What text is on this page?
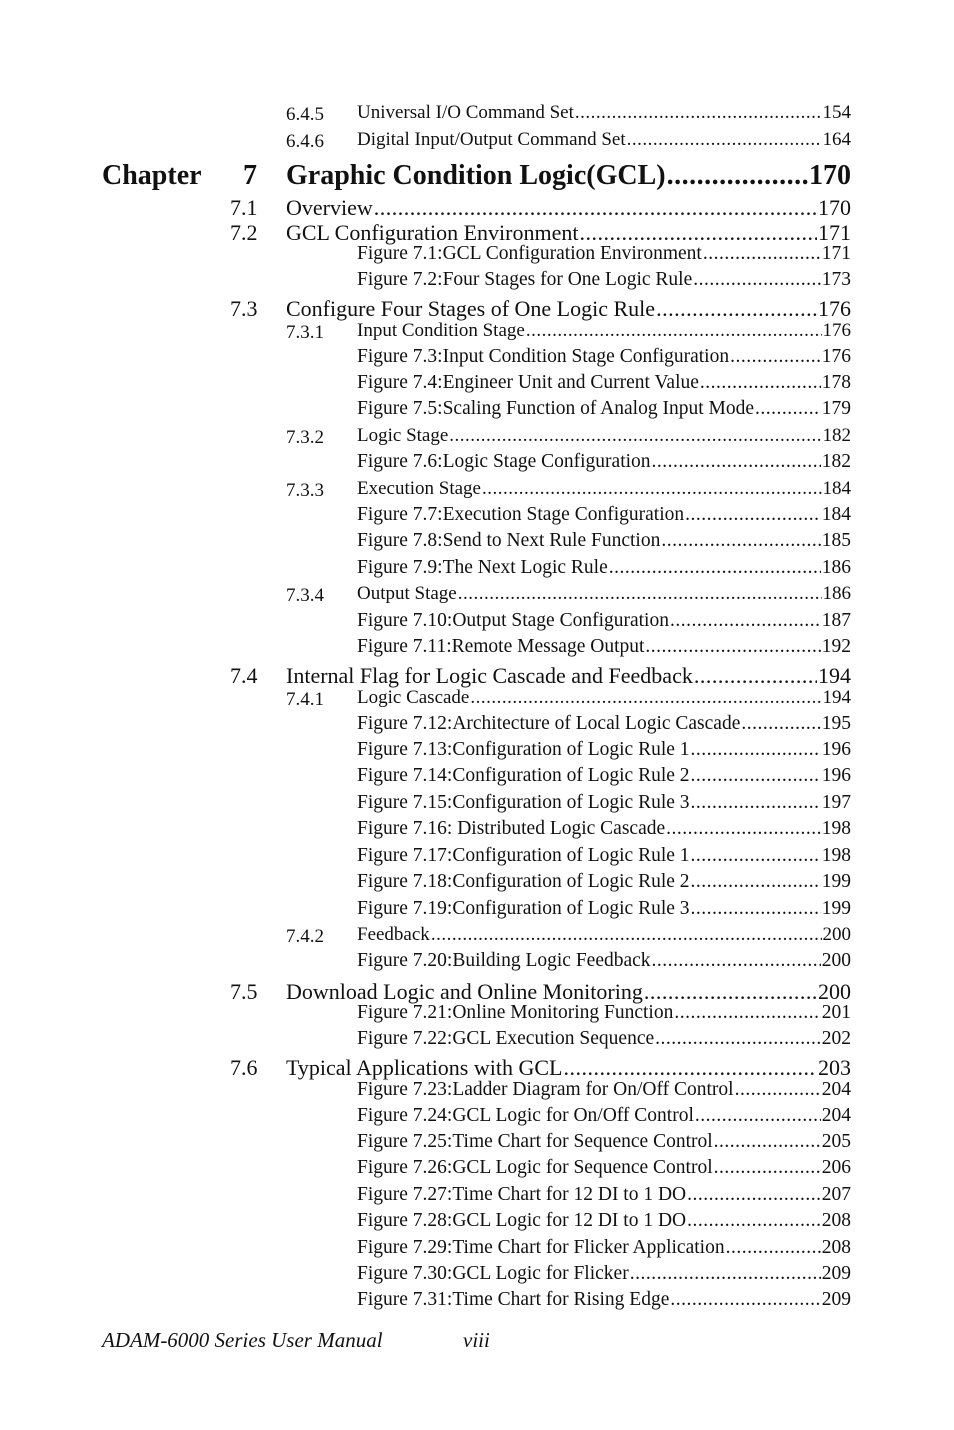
6.4.5 Universal I/O Command Set .....	154
6.4.6 Digital Input/Output Command Set .....	164
Chapter 7 Graphic Condition Logic(GCL) .....	170
7.1 Overview .....	170
7.2 GCL Configuration Environment .....	171
Figure 7.1:GCL Configuration Environment .....	171
Figure 7.2:Four Stages for One Logic Rule .....	173
7.3 Configure Four Stages of One Logic Rule .....	176
7.3.1 Input Condition Stage .....	176
Figure 7.3:Input Condition Stage Configuration .....	176
Figure 7.4:Engineer Unit and Current Value .....	178
Figure 7.5:Scaling Function of Analog Input Mode .....	179
7.3.2 Logic Stage .....	182
Figure 7.6:Logic Stage Configuration .....	182
7.3.3 Execution Stage .....	184
Figure 7.7:Execution Stage Configuration .....	184
Figure 7.8:Send to Next Rule Function .....	185
Figure 7.9:The Next Logic Rule .....	186
7.3.4 Output Stage .....	186
Figure 7.10:Output Stage Configuration .....	187
Figure 7.11:Remote Message Output .....	192
7.4 Internal Flag for Logic Cascade and Feedback .....	194
7.4.1 Logic Cascade .....	194
Figure 7.12:Architecture of Local Logic Cascade .....	195
Figure 7.13:Configuration of Logic Rule 1 .....	196
Figure 7.14:Configuration of Logic Rule 2 .....	196
Figure 7.15:Configuration of Logic Rule 3 .....	197
Figure 7.16: Distributed Logic Cascade .....	198
Figure 7.17:Configuration of Logic Rule 1 .....	198
Figure 7.18:Configuration of Logic Rule 2 .....	199
Figure 7.19:Configuration of Logic Rule 3 .....	199
7.4.2 Feedback .....	200
Figure 7.20:Building Logic Feedback .....	200
7.5 Download Logic and Online Monitoring .....	200
Figure 7.21:Online Monitoring Function .....	201
Figure 7.22:GCL Execution Sequence .....	202
7.6 Typical Applications with GCL .....	203
Figure 7.23:Ladder Diagram for On/Off Control .....	204
Figure 7.24:GCL Logic for On/Off Control .....	204
Figure 7.25:Time Chart for Sequence Control .....	205
Figure 7.26:GCL Logic for Sequence Control .....	206
Figure 7.27:Time Chart for 12 DI to 1 DO .....	207
Figure 7.28:GCL Logic for 12 DI to 1 DO .....	208
Figure 7.29:Time Chart for Flicker Application .....	208
Figure 7.30:GCL Logic for Flicker .....	209
Figure 7.31:Time Chart for Rising Edge .....	209
ADAM-6000 Series User Manual	viii
